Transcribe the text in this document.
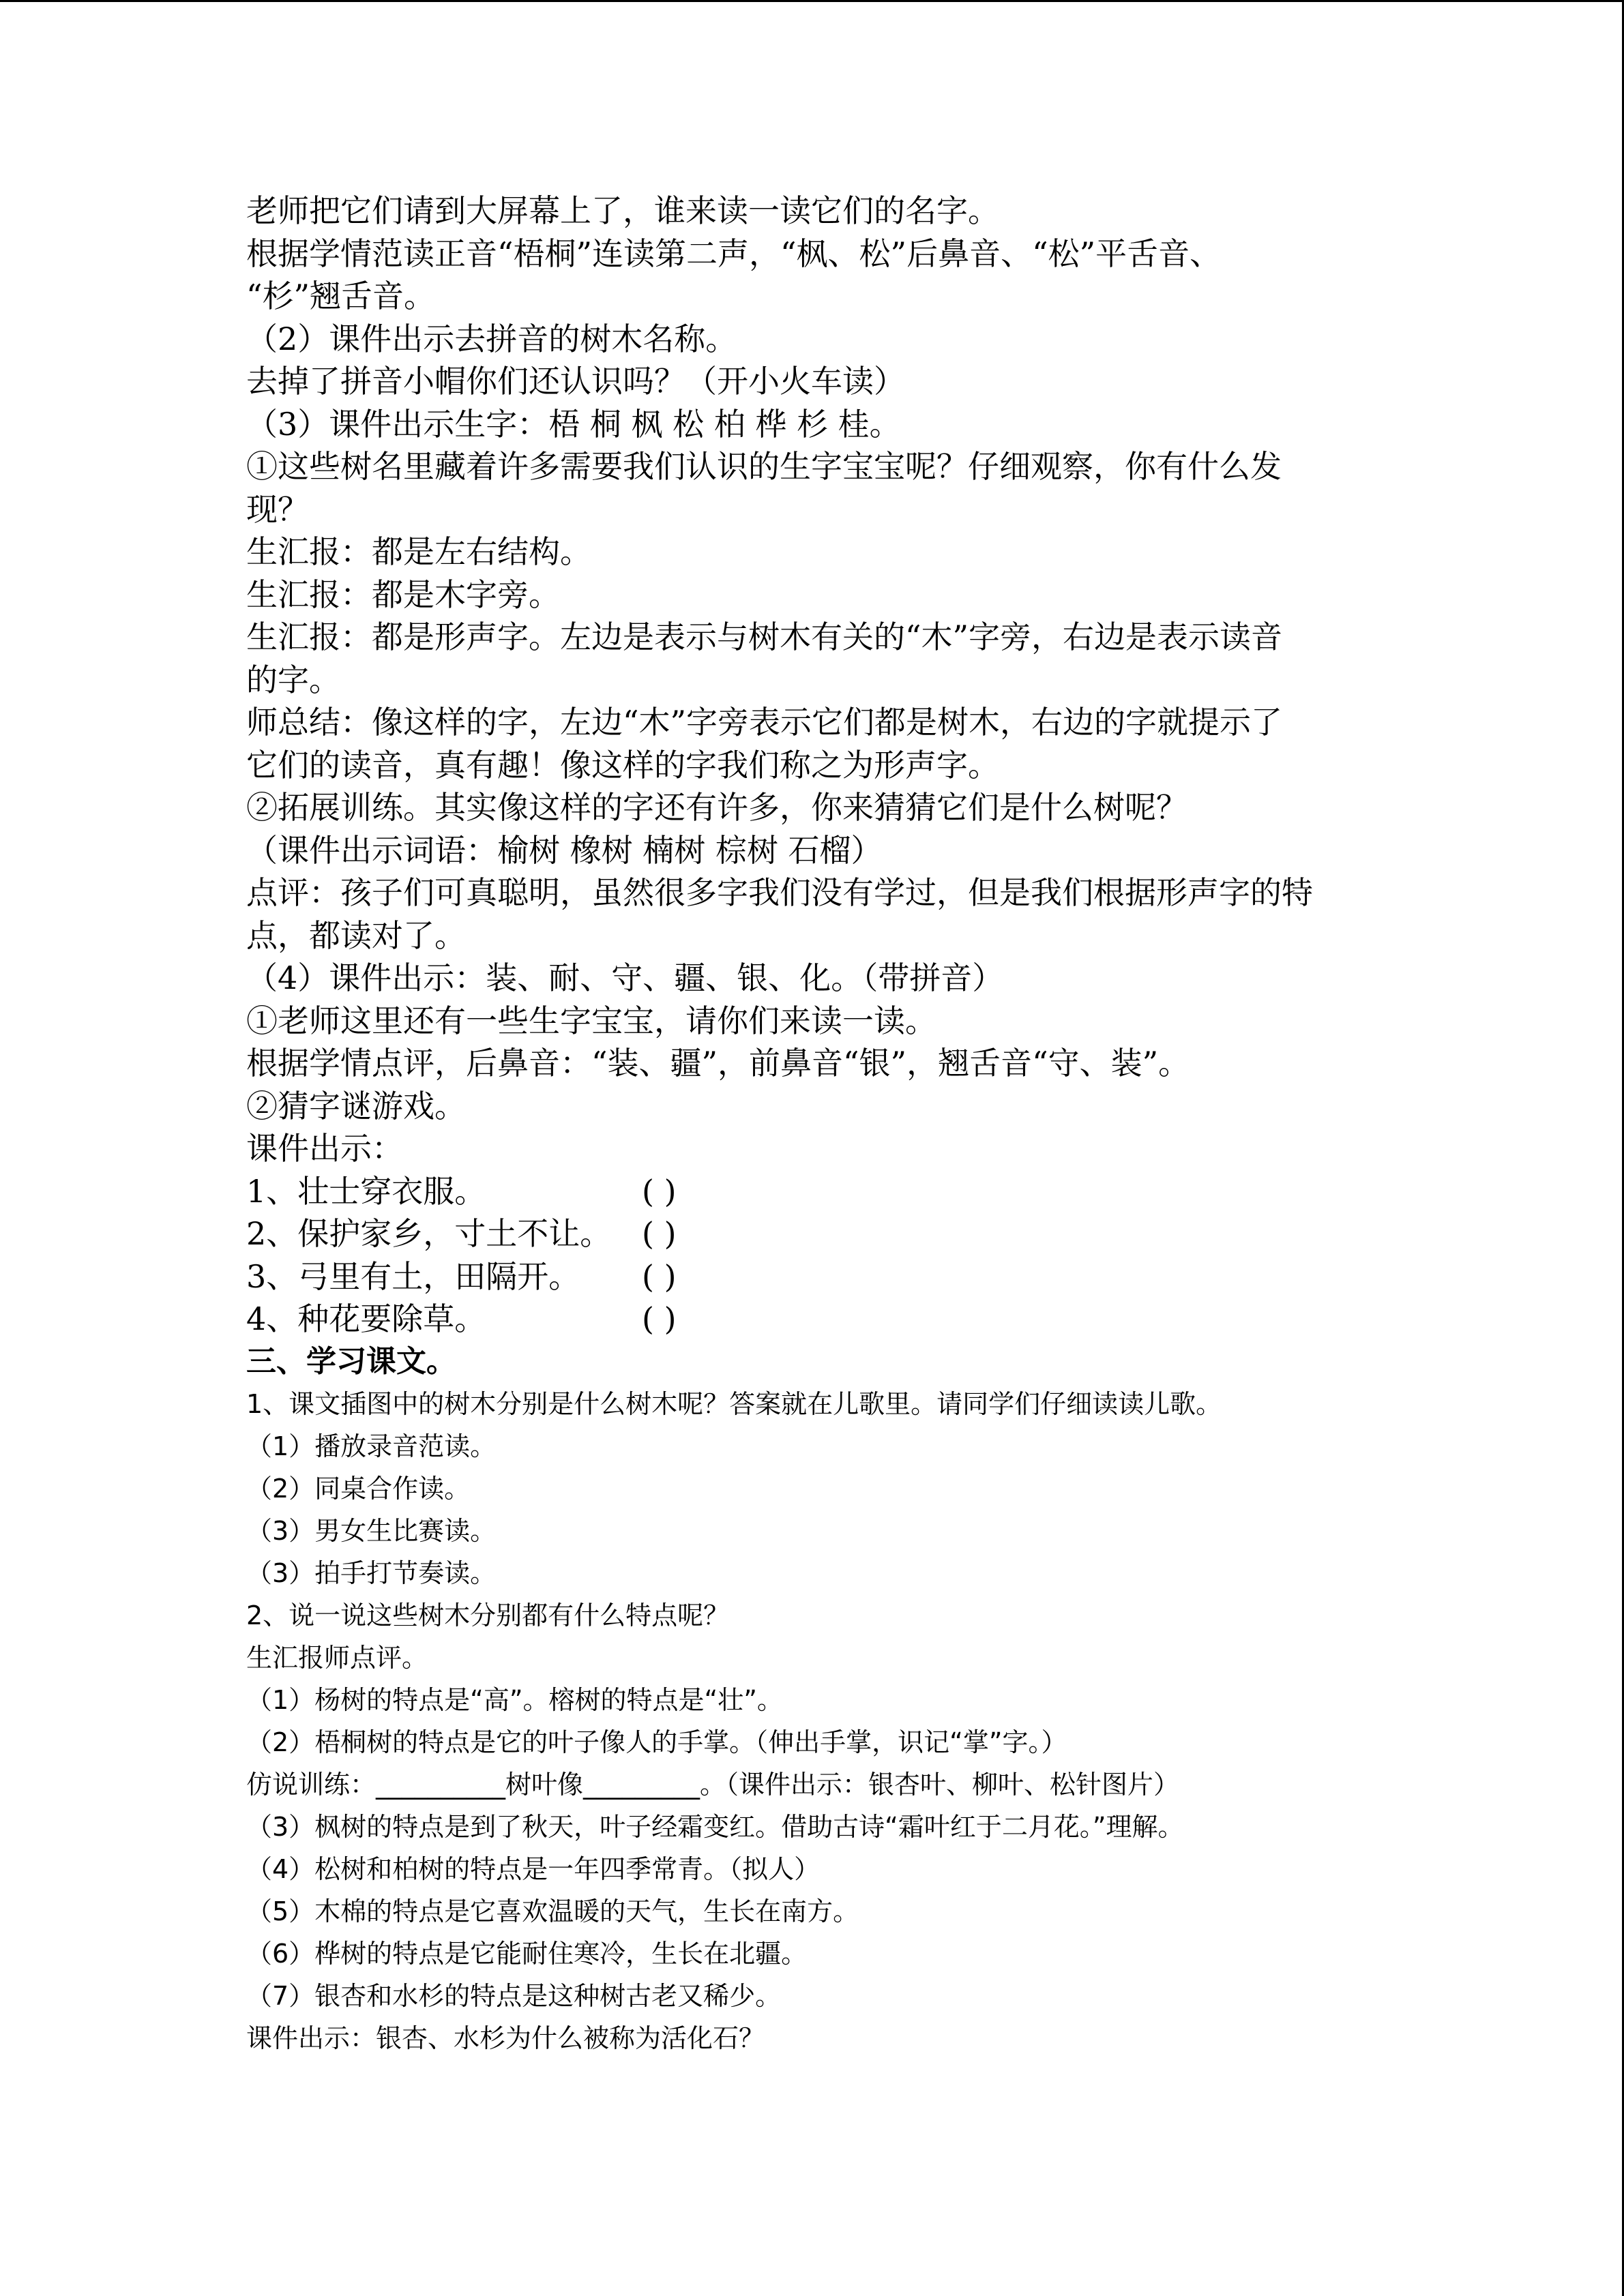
老师把它们请到大屏幕上了，谁来读一读它们的名字。
根据学情范读正音“梧桐”连读第二声，“枫、松”后鼻音、“松”平舌音、
“杉”翘舌音。
（2）课件出示去拼音的树木名称。
去掉了拼音小帽你们还认识吗？（开小火车读）
（3）课件出示生字：梧 桐 枫 松 柏 桦 杉 桂。
①这些树名里藏着许多需要我们认识的生字宝宝呢？仔细观察，你有什么发
现？
生汇报：都是左右结构。
生汇报：都是木字旁。
生汇报：都是形声字。左边是表示与树木有关的“木”字旁，右边是表示读音
的字。
师总结：像这样的字，左边“木”字旁表示它们都是树木，右边的字就提示了
它们的读音，真有趣！像这样的字我们称之为形声字。
②拓展训练。其实像这样的字还有许多，你来猜猜它们是什么树呢？
（课件出示词语：榆树 橡树 楠树 棕树 石榴）
点评：孩子们可真聪明，虽然很多字我们没有学过，但是我们根据形声字的特
点，都读对了。
（4）课件出示：装、耐、守、疆、银、化。（带拼音）
①老师这里还有一些生字宝宝，请你们来读一读。
根据学情点评，后鼻音：“装、疆”，前鼻音“银”，翘舌音“守、装”。
②猜字谜游戏。
课件出示：
1、壮士穿衣服。	( )
2、保护家乡，寸土不让。 ( )
3、弓里有土，田隔开。	( )
4、种花要除草。	( )
三、学习课文。
1、课文插图中的树木分别是什么树木呢？答案就在儿歌里。请同学们仔细读读儿歌。
（1）播放录音范读。
（2）同桌合作读。
（3）男女生比赛读。
（3）拍手打节奏读。
2、说一说这些树木分别都有什么特点呢？
生汇报师点评。
（1）杨树的特点是“高”。榕树的特点是“壮”。
（2）梧桐树的特点是它的叶子像人的手掌。（伸出手掌，识记“掌”字。）
仿说训练：__________树叶像_________。（课件出示：银杏叶、柳叶、松针图片）
（3）枫树的特点是到了秋天，叶子经霜变红。借助古诗“霜叶红于二月花。”理解。
（4）松树和柏树的特点是一年四季常青。（拟人）
（5）木棉的特点是它喜欢温暖的天气，生长在南方。
（6）桦树的特点是它能耐住寒冷，生长在北疆。
（7）银杏和水杉的特点是这种树古老又稀少。
课件出示：银杏、水杉为什么被称为活化石？
